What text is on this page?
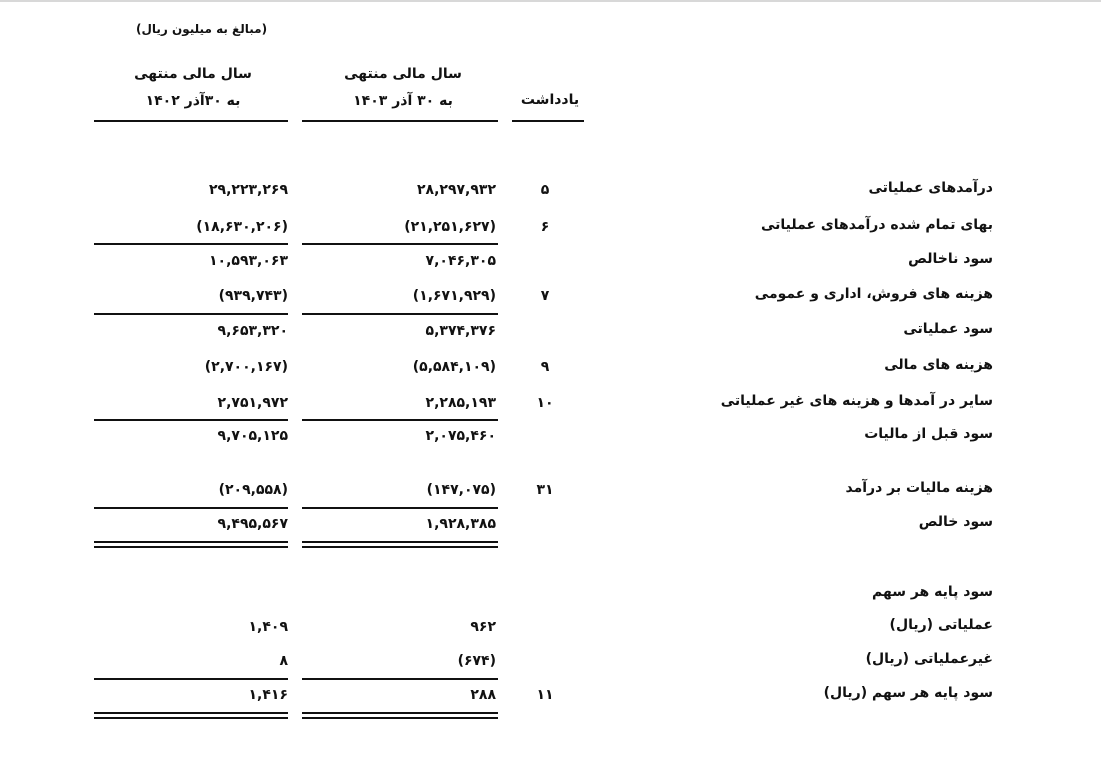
(مبالغ به میلیون ریال)
سال مالی منتهی
به ۳۰ آذر ۱۴۰۳
سال مالی منتهی
به ۳۰آذر ۱۴۰۲	یادداشت
درآمدهای عملیاتی
۵
۲۸,۲۹۷,۹۳۲
۲۹,۲۲۳,۲۶۹
بهای تمام شده درآمدهای عملیاتی
۶
(۲۱,۲۵۱,۶۲۷)
(۱۸,۶۳۰,۲۰۶)
سود ناخالص
۷,۰۴۶,۳۰۵
۱۰,۵۹۳,۰۶۳
هزینه های فروش، اداری و عمومی
۷
(۱,۶۷۱,۹۲۹)
(۹۳۹,۷۴۳)
سود عملیاتی
۵,۳۷۴,۳۷۶
۹,۶۵۳,۳۲۰
هزینه های مالی
۹
(۵,۵۸۴,۱۰۹)
(۲,۷۰۰,۱۶۷)
سایر در آمدها و هزینه های غیر عملیاتی
۱۰
۲,۲۸۵,۱۹۳
۲,۷۵۱,۹۷۲
سود قبل از مالیات
۲,۰۷۵,۴۶۰
۹,۷۰۵,۱۲۵
هزینه مالیات بر درآمد
۳۱
(۱۴۷,۰۷۵)
(۲۰۹,۵۵۸)
سود خالص
۱,۹۲۸,۳۸۵
۹,۴۹۵,۵۶۷
سود پایه هر سهم
عملیاتی (ریال)
۹۶۲
۱,۴۰۹
غیرعملیاتی (ریال)
(۶۷۴)
۸
سود پایه هر سهم (ریال)
۱۱
۲۸۸
۱,۴۱۶
